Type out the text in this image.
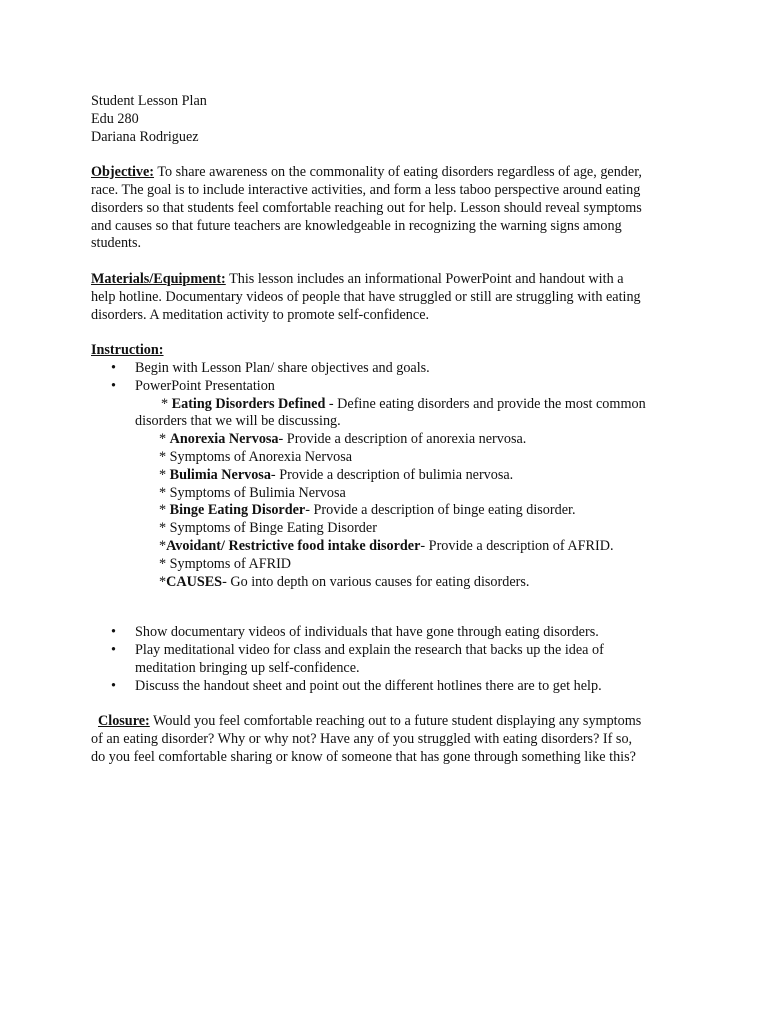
Student Lesson Plan
Edu 280
Dariana Rodriguez
Objective: To share awareness on the commonality of eating disorders regardless of age, gender,
race. The goal is to include interactive activities, and form a less taboo perspective around eating
disorders so that students feel comfortable reaching out for help. Lesson should reveal symptoms
and causes so that future teachers are knowledgeable in recognizing the warning signs among
students.
Materials/Equipment: This lesson includes an informational PowerPoint and handout with a
help hotline. Documentary videos of people that have struggled or still are struggling with eating
disorders. A meditation activity to promote self-confidence.
Instruction:
• Begin with Lesson Plan/ share objectives and goals.
• PowerPoint Presentation
* Eating Disorders Defined - Define eating disorders and provide the most common
disorders that we will be discussing.
* Anorexia Nervosa- Provide a description of anorexia nervosa.
* Symptoms of Anorexia Nervosa
* Bulimia Nervosa- Provide a description of bulimia nervosa.
* Symptoms of Bulimia Nervosa
* Binge Eating Disorder- Provide a description of binge eating disorder.
* Symptoms of Binge Eating Disorder
*Avoidant/ Restrictive food intake disorder- Provide a description of AFRID.
* Symptoms of AFRID
*CAUSES- Go into depth on various causes for eating disorders.
• Show documentary videos of individuals that have gone through eating disorders.
• Play meditational video for class and explain the research that backs up the idea of
meditation bringing up self-confidence.
• Discuss the handout sheet and point out the different hotlines there are to get help.
Closure: Would you feel comfortable reaching out to a future student displaying any symptoms
of an eating disorder? Why or why not? Have any of you struggled with eating disorders? If so,
do you feel comfortable sharing or know of someone that has gone through something like this?
